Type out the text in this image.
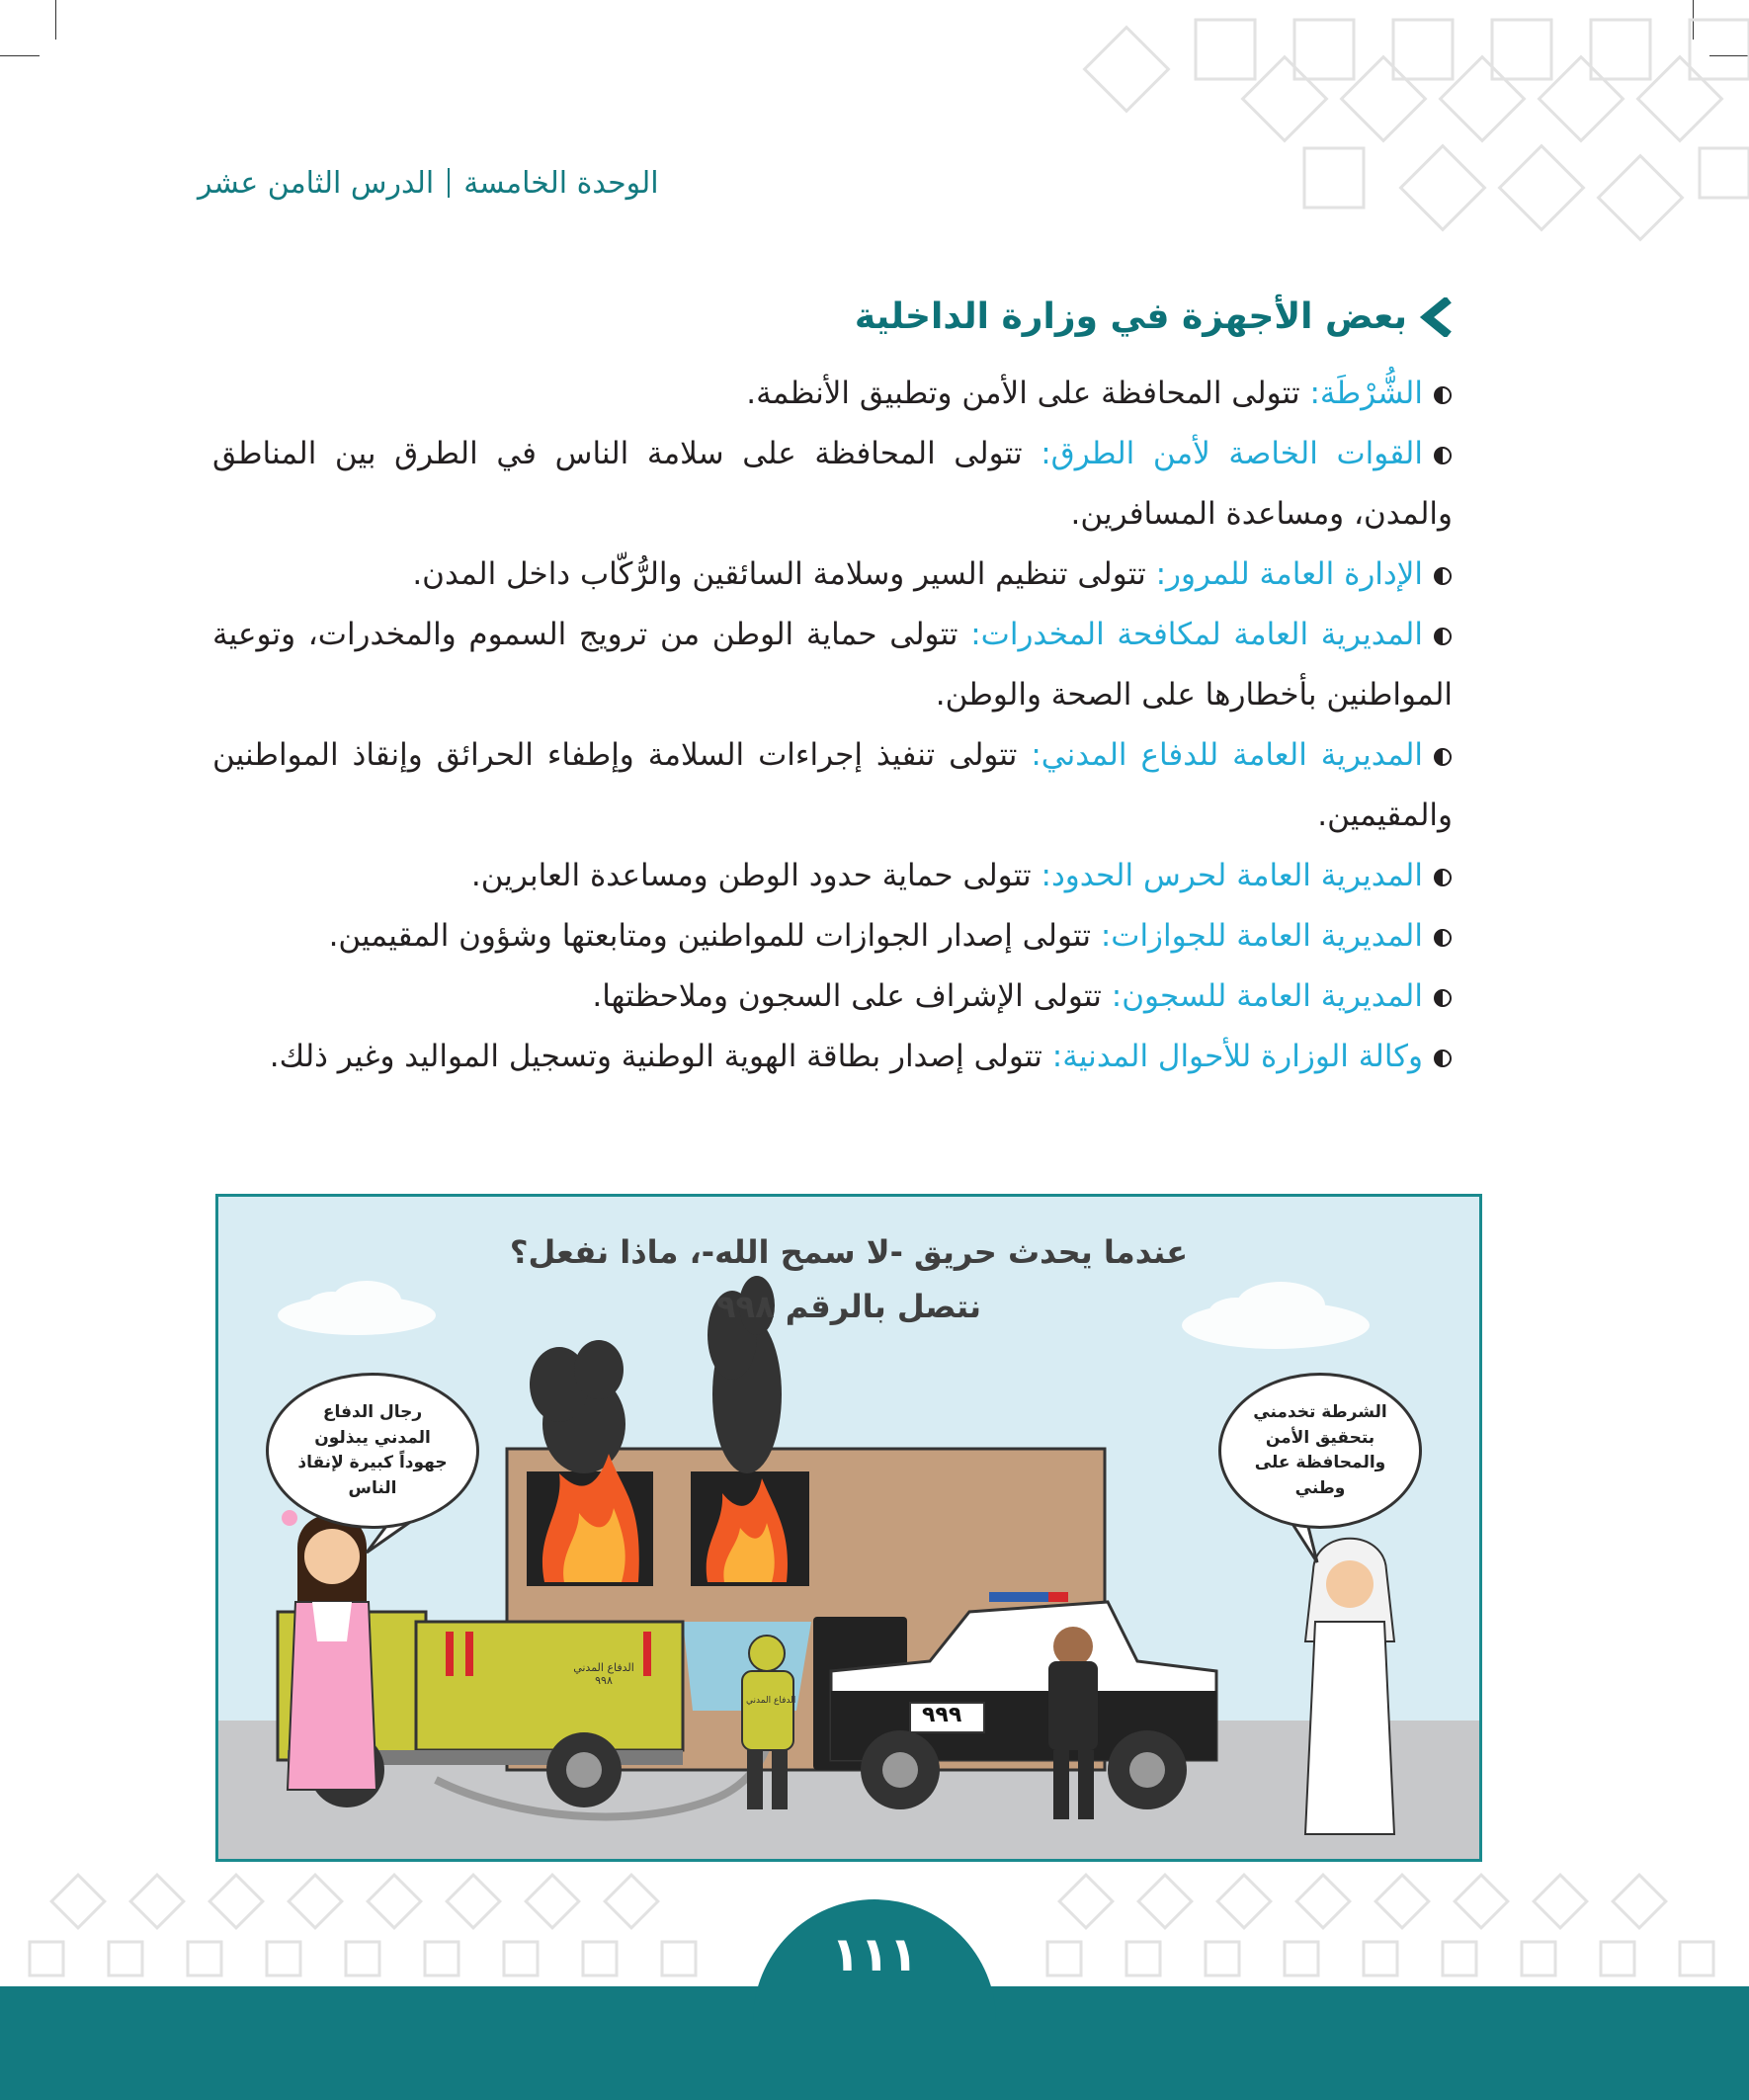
الوحدة الخامسةالدرس الثامن عشر
بعض الأجهزة في وزارة الداخلية
الشُّرْطَة: تتولى المحافظة على الأمن وتطبيق الأنظمة.
القوات الخاصة لأمن الطرق: تتولى المحافظة على سلامة الناس في الطرق بين المناطق والمدن، ومساعدة المسافرين.
الإدارة العامة للمرور: تتولى تنظيم السير وسلامة السائقين والرُّكّاب داخل المدن.
المديرية العامة لمكافحة المخدرات: تتولى حماية الوطن من ترويج السموم والمخدرات، وتوعية المواطنين بأخطارها على الصحة والوطن.
المديرية العامة للدفاع المدني: تتولى تنفيذ إجراءات السلامة وإطفاء الحرائق وإنقاذ المواطنين والمقيمين.
المديرية العامة لحرس الحدود: تتولى حماية حدود الوطن ومساعدة العابرين.
المديرية العامة للجوازات: تتولى إصدار الجوازات للمواطنين ومتابعتها وشؤون المقيمين.
المديرية العامة للسجون: تتولى الإشراف على السجون وملاحظتها.
وكالة الوزارة للأحوال المدنية: تتولى إصدار بطاقة الهوية الوطنية وتسجيل المواليد وغير ذلك.
عندما يحدث حريق -لا سمح الله-، ماذا نفعل؟
نتصل بالرقم ٩٩٨
رجال الدفاع المدني يبذلون جهوداً كبيرة لإنقاذ الناس
الشرطة تخدمني بتحقيق الأمن والمحافظة على وطني
الدفاع المدني
٩٩٨
الدفاع المدني
٩٩٩
١١١
